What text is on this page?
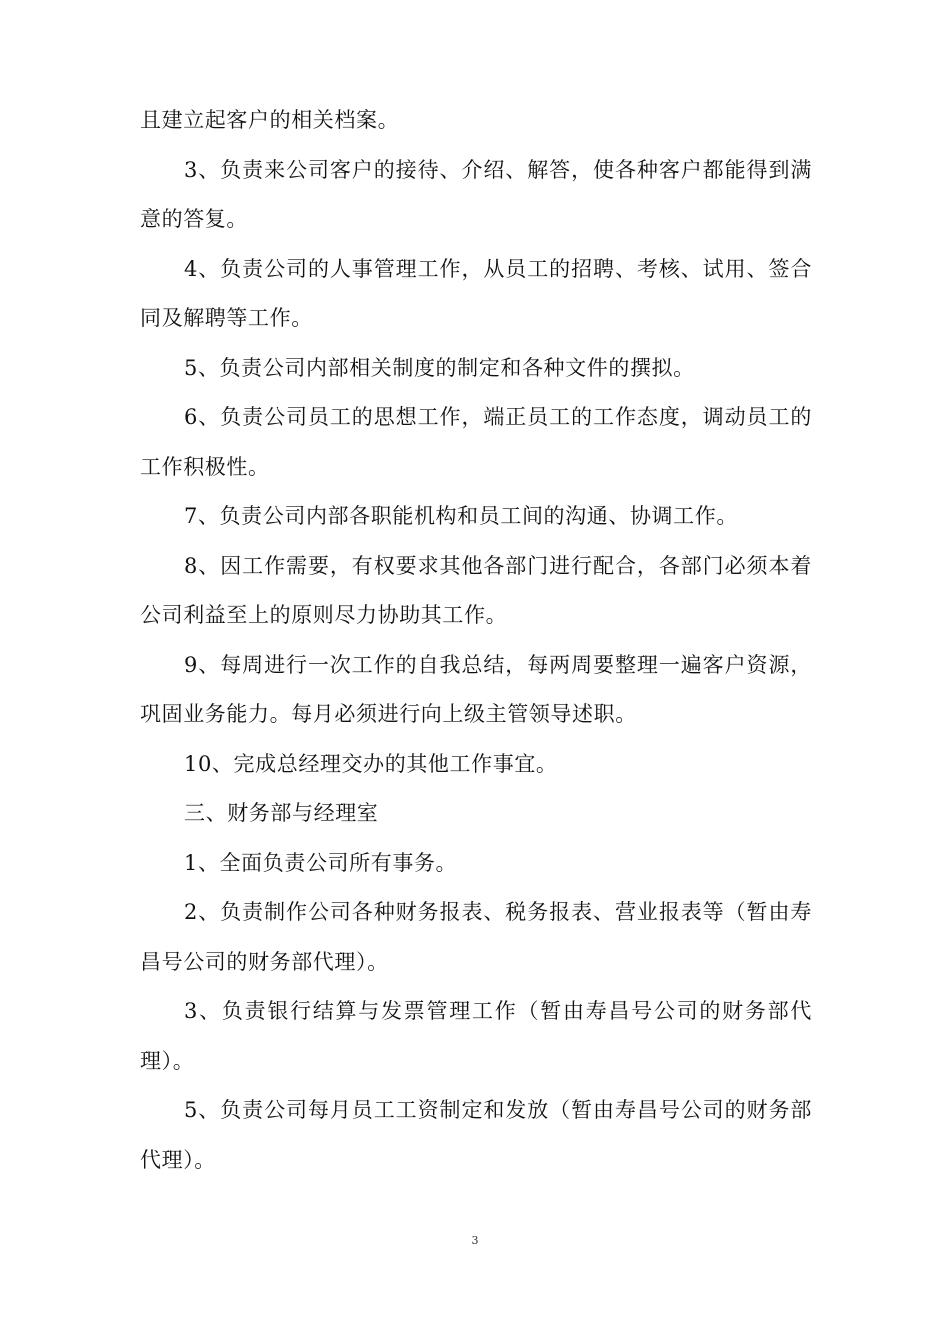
且建立起客户的相关档案。

3、负责来公司客户的接待、介绍、解答，使各种客户都能得到满意的答复。

4、负责公司的人事管理工作，从员工的招聘、考核、试用、签合同及解聘等工作。

5、负责公司内部相关制度的制定和各种文件的撰拟。

6、负责公司员工的思想工作，端正员工的工作态度，调动员工的工作积极性。

7、负责公司内部各职能机构和员工间的沟通、协调工作。

8、因工作需要，有权要求其他各部门进行配合，各部门必须本着公司利益至上的原则尽力协助其工作。

9、每周进行一次工作的自我总结，每两周要整理一遍客户资源，巩固业务能力。每月必须进行向上级主管领导述职。

10、完成总经理交办的其他工作事宜。

三、财务部与经理室

1、全面负责公司所有事务。

2、负责制作公司各种财务报表、税务报表、营业报表等（暂由寿昌号公司的财务部代理）。

3、负责银行结算与发票管理工作（暂由寿昌号公司的财务部代理）。

5、负责公司每月员工工资制定和发放（暂由寿昌号公司的财务部代理）。

3
